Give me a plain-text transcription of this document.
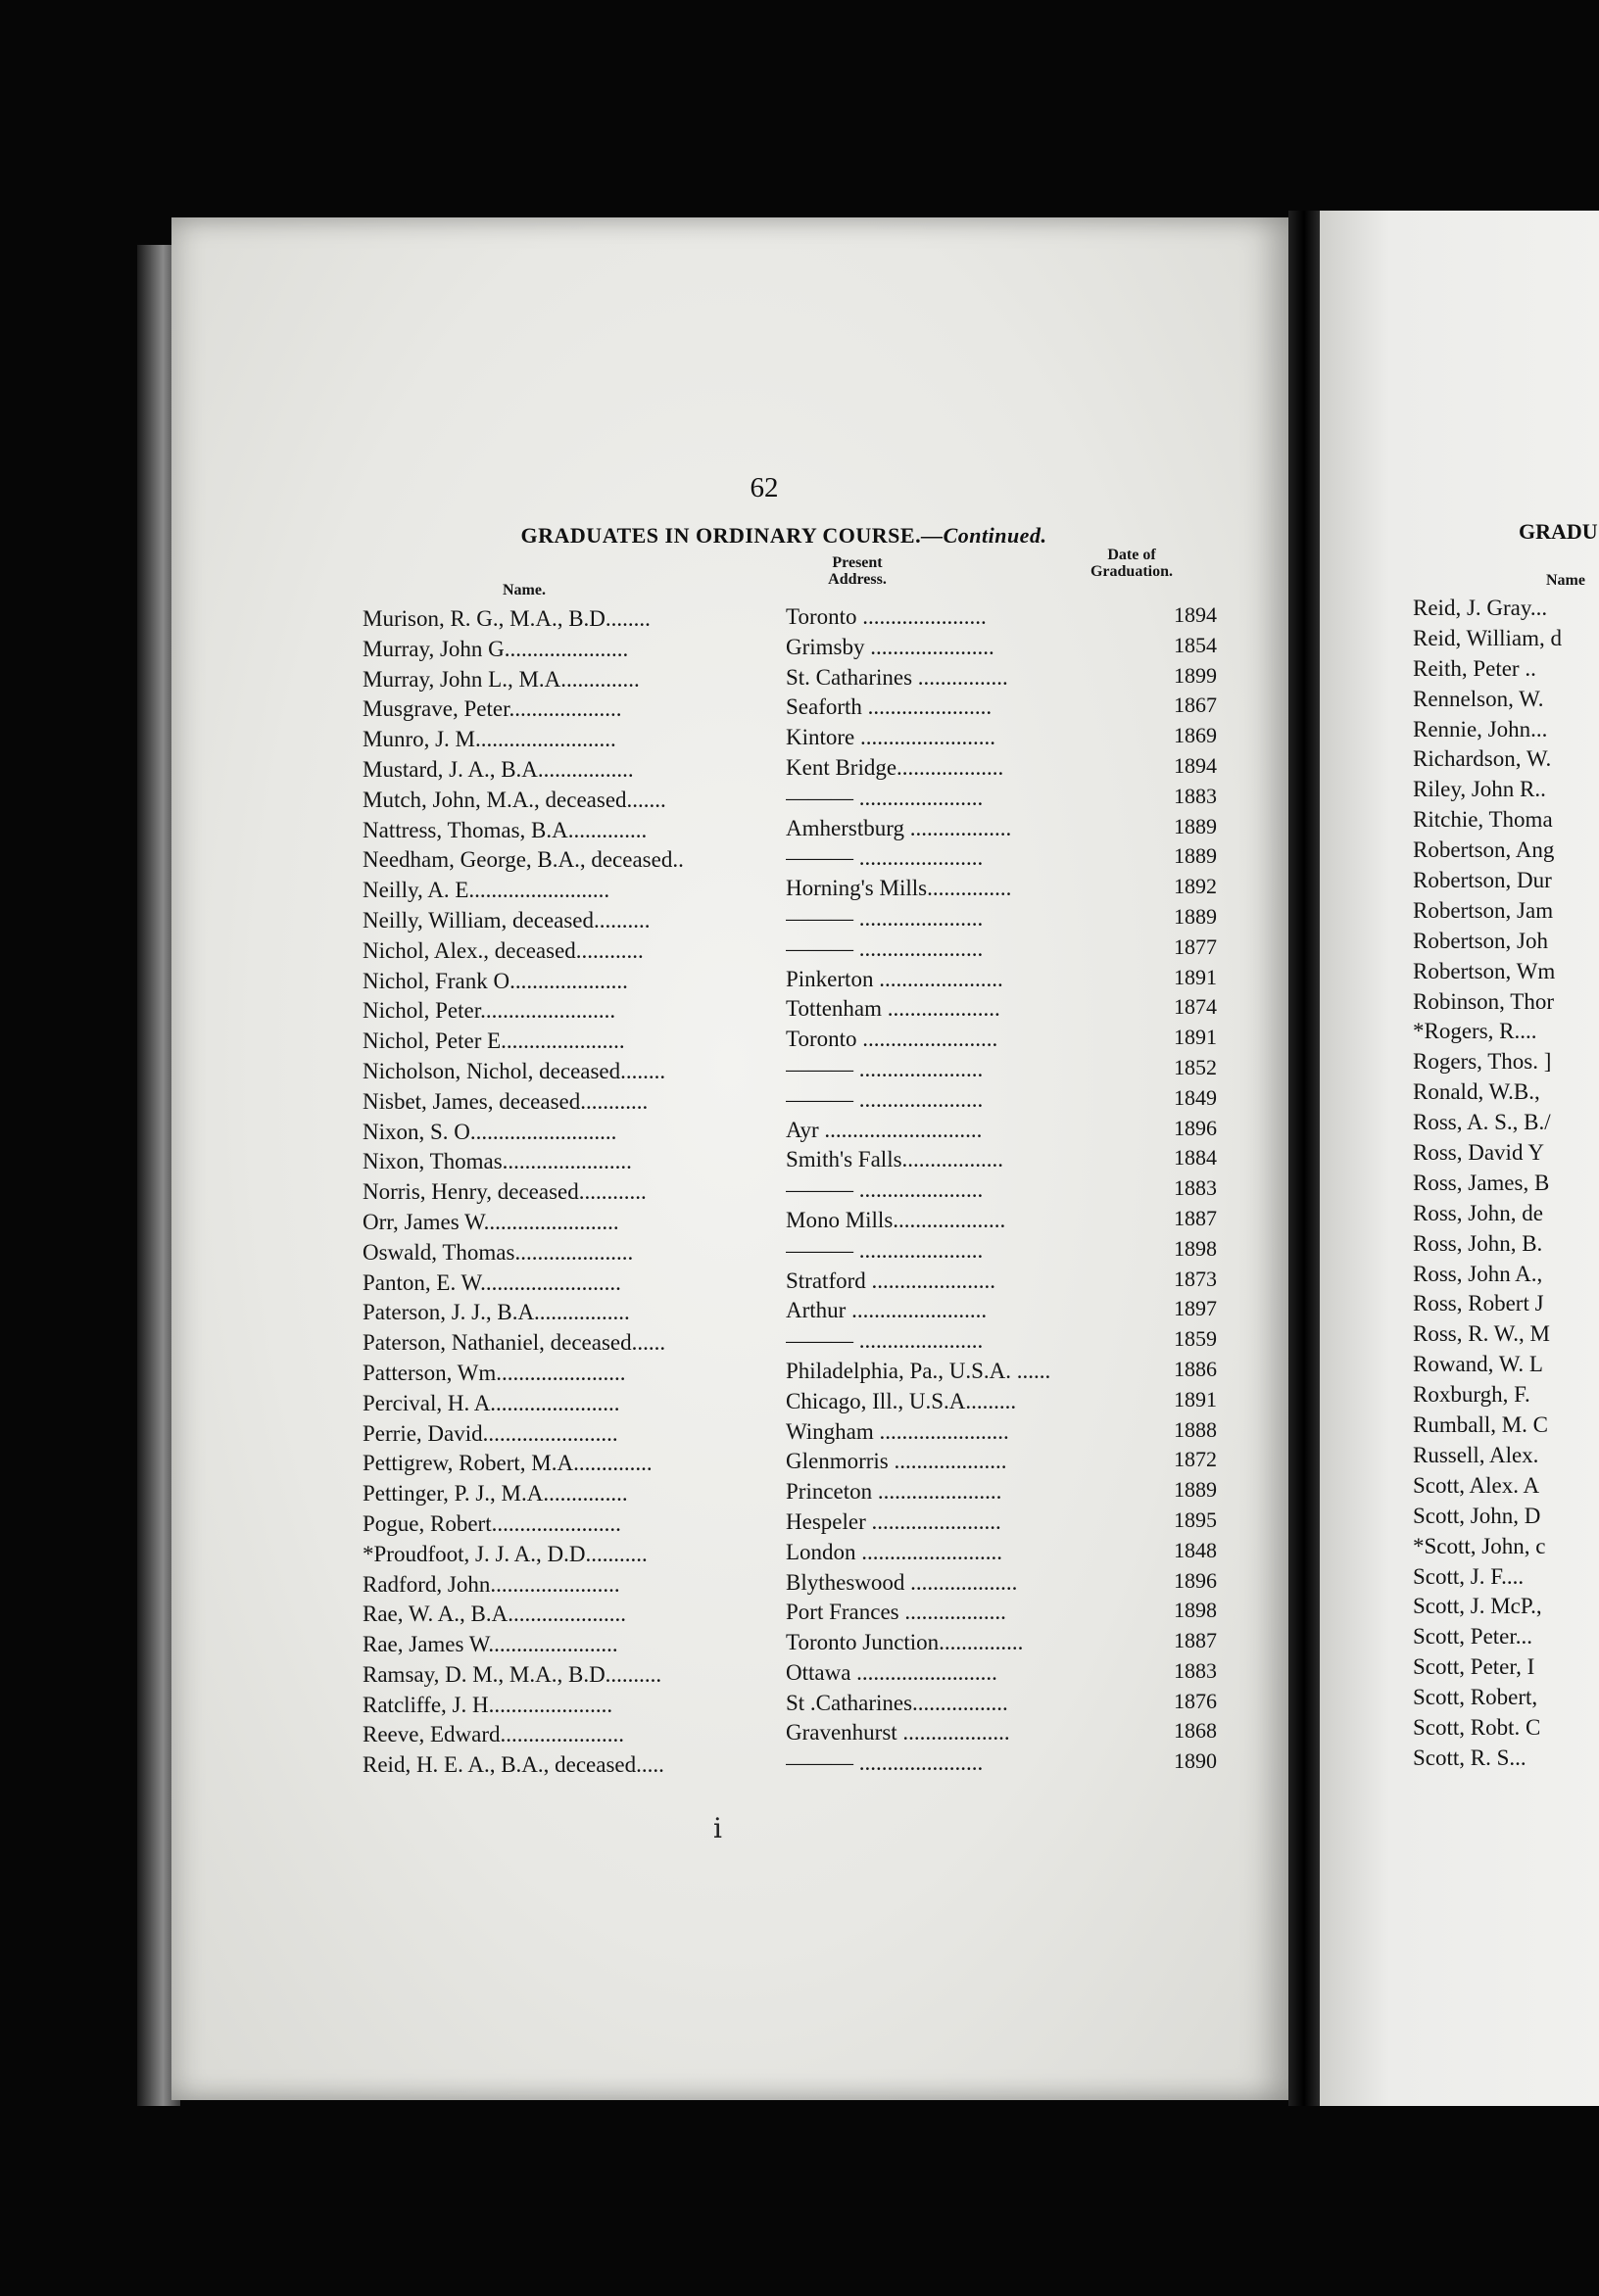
62
GRADUATES IN ORDINARY COURSE.—Continued.
Name.
Present
Address.
Date of
Graduation.
Murison, R. G., M.A., B.D........	Toronto ......................	1894
Murray, John G......................	Grimsby ......................	1854
Murray, John L., M.A..............	St. Catharines ................	1899
Musgrave, Peter....................	Seaforth ......................	1867
Munro, J. M.........................	Kintore ........................	1869
Mustard, J. A., B.A.................	Kent Bridge...................	1894
Mutch, John, M.A., deceased.......	——— ......................	1883
Nattress, Thomas, B.A..............	Amherstburg ..................	1889
Needham, George, B.A., deceased..	——— ......................	1889
Neilly, A. E.........................	Horning's Mills...............	1892
Neilly, William, deceased..........	——— ......................	1889
Nichol, Alex., deceased............	——— ......................	1877
Nichol, Frank O.....................	Pinkerton ......................	1891
Nichol, Peter........................	Tottenham ....................	1874
Nichol, Peter E......................	Toronto ........................	1891
Nicholson, Nichol, deceased........	——— ......................	1852
Nisbet, James, deceased............	——— ......................	1849
Nixon, S. O..........................	Ayr ............................	1896
Nixon, Thomas.......................	Smith's Falls..................	1884
Norris, Henry, deceased............	——— ......................	1883
Orr, James W........................	Mono Mills....................	1887
Oswald, Thomas.....................	——— ......................	1898
Panton, E. W.........................	Stratford ......................	1873
Paterson, J. J., B.A.................	Arthur ........................	1897
Paterson, Nathaniel, deceased......	——— ......................	1859
Patterson, Wm.......................	Philadelphia, Pa., U.S.A. ......	1886
Percival, H. A.......................	Chicago, Ill., U.S.A.........	1891
Perrie, David........................	Wingham .......................	1888
Pettigrew, Robert, M.A..............	Glenmorris ....................	1872
Pettinger, P. J., M.A...............	Princeton ......................	1889
Pogue, Robert.......................	Hespeler .......................	1895
*Proudfoot, J. J. A., D.D...........	London .........................	1848
Radford, John.......................	Blytheswood ...................	1896
Rae, W. A., B.A.....................	Port Frances ..................	1898
Rae, James W.......................	Toronto Junction...............	1887
Ramsay, D. M., M.A., B.D..........	Ottawa .........................	1883
Ratcliffe, J. H......................	St .Catharines.................	1876
Reeve, Edward......................	Gravenhurst ...................	1868
Reid, H. E. A., B.A., deceased.....	——— ......................	1890
GRADU
Name
Reid, J. Gray...
Reid, William, d
Reith, Peter ..
Rennelson, W.
Rennie, John...
Richardson, W.
Riley, John R..
Ritchie, Thoma
Robertson, Ang
Robertson, Dur
Robertson, Jam
Robertson, Joh
Robertson, Wm
Robinson, Thor
*Rogers, R....
Rogers, Thos. ]
Ronald, W.B.,
Ross, A. S., B./
Ross, David Y
Ross, James, B
Ross, John, de
Ross, John, B.
Ross, John A.,
Ross, Robert J
Ross, R. W., M
Rowand, W. L
Roxburgh, F.
Rumball, M. C
Russell, Alex.
Scott, Alex. A
Scott, John, D
*Scott, John, c
Scott, J. F....
Scott, J. McP.,
Scott, Peter...
Scott, Peter, I
Scott, Robert,
Scott, Robt. C
Scott, R. S...
ⅰ
